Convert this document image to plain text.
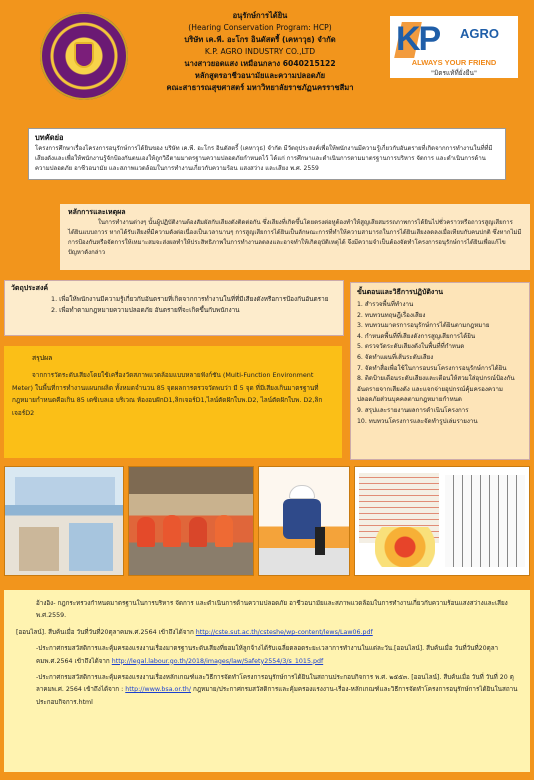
อนุรักษ์การได้ยิน
(Hearing Conservation Program: HCP)
บริษัท เค.พี. อะโกร อินดัสตรี้ (เคหาวุธ) จำกัด
K.P. AGRO INDUSTRY CO.,LTD
นางสาวยอดแสง เหมือนกลาง 6040215122
หลักสูตรอาชีวอนามัยและความปลอดภัย
คณะสาธารณสุขศาสตร์ มหาวิทยาลัยราชภัฏนครราชสีมา
KP AGRO
ALWAYS YOUR FRIEND
"มิตรแท้ที่ยั่งยืน"
บทคัดย่อ
โครงการศึกษาเรื่องโครงการอนุรักษ์การได้ยินของ บริษัท เค.พี. อะโกร อินดัสตรี้ (เคหาวุธ) จำกัด มีวัตถุประสงค์เพื่อให้พนักงานมีความรู้เกี่ยวกับอันตรายที่เกิดจากการทำงานในที่ที่มีเสียงดังและเพื่อให้พนักงานรู้จักป้องกันตนเองให้ถูกวิธีตามมาตรฐานความปลอดภัยกำหนดไว้ ได้แก่ การศึกษาและดำเนินการตามมาตรฐานการบริหาร จัดการ และดำเนินการด้านความปลอดภัย อาชีวอนามัย และสภาพแวดล้อมในการทำงานเกี่ยวกับความร้อน แสงสว่าง และเสียง พ.ศ. 2559
หลักการและเหตุผล
ในการทำงานต่างๆ นั้นผู้ปฏิบัติงานต้องสัมผัสกับเสียงดังติดต่อกัน ซึ่งเสียงที่เกิดขึ้นโดยตรงต่อหูต้องทำให้สูญเสียสมรรถภาพการได้ยินไปชั่วคราวหรือถาวรสูญเสียการได้ยินแบบถาวร หากได้รับเสียงที่มีความดังต่อเนื่องเป็นเวลานานๆ การสูญเสียการได้ยินเป็นลักษณะการที่ทำให้ความสามารถในการได้ยินเสียงลดลงเมื่อเทียบกับคนปกติ ซึ่งหากไม่มีการป้องกันหรือจัดการให้เหมาะสมจะส่งผลทำให้ประสิทธิภาพในการทำงานลดลงและอาจทำให้เกิดอุบัติเหตุได้ จึงมีความจำเป็นต้องจัดทำโครงการอนุรักษ์การได้ยินเพื่อแก้ไขปัญหาดังกล่าว
วัตถุประสงค์
1. เพื่อให้พนักงานมีความรู้เกี่ยวกับอันตรายที่เกิดจากการทำงานในที่ที่มีเสียงดังหรือการป้องกันอันตราย
2. เพื่อทำตามกฎหมายความปลอดภัย อันตรายที่จะเกิดขึ้นกับพนักงาน
ขั้นตอนและวิธีการปฏิบัติงาน
1. สำรวจพื้นที่ทำงาน
2. ทบทวนทฤษฎีเรื่องเสียง
3. ทบทวนมาตรการอนุรักษ์การได้ยินตามกฎหมาย
4. กำหนดพื้นที่ที่เสียงดังการสูญเสียการได้ยิน
5. ตรวจวัดระดับเสียงดังในพื้นที่ที่กำหนด
6. จัดทำแผนที่เส้นระดับเสียง
7. จัดทำสื่อเพื่อใช้ในการอบรมโครงการอนุรักษ์การได้ยิน
8. ติดป้ายเตือนระดับเสียงและเตือนให้สวมใส่อุปกรณ์ป้องกันอันตรายจากเสียงดัง และแจกจ่ายอุปกรณ์คุ้มครองความปลอดภัยส่วนบุคคลตามกฎหมายกำหนด
9. สรุปและรายงานผลการดำเนินโครงการ
10. ทบทวนโครงการและจัดทำรูปเล่มรายงาน
สรุปผล
จากการวัดระดับเสียงโดยใช้เครื่องวัดสภาพแวดล้อมแบบหลายฟังก์ชัน (Multi-Function Environment Meter) ในพื้นที่การทำงานแผนกผลิต ทั้งหมดจำนวน 85 จุดผลการตรวจวัดพบว่า มี 5 จุด ที่มีเสียงเกินมาตรฐานที่กฎหมายกำหนดคือเกิน 85 เดซิเบลเอ บริเวณ ห้องอบฝักD1,ลิกเจอร์D1,ไลน์ตัดฝักใบพ.D2, ไลน์ตัดฝักใบพ. D2,ลิกเจอร์D2
อ้างอิง- กฎกระทรวงกำหนดมาตรฐานในการบริหาร จัดการ และดำเนินการด้านความปลอดภัย อาชีวอนามัยและสภาพแวดล้อมในการทำงานเกี่ยวกับความร้อนแสงสว่างและเสียง พ.ศ.2559.
[ออนไลน์]. สืบค้นเมื่อ วันที่วันที่20ตุลาคมพ.ศ.2564 เข้าถึงได้จาก http://cste.sut.ac.th/csteshe/wp-content/lews/Law06.pdf
-ประกาศกรมสวัสดิการและคุ้มครองแรงงานเรื่องมาตรฐานระดับเสียงที่ยอมให้ลูกจ้างได้รับเฉลี่ยตลอดระยะเวลาการทำงานในแต่ละวัน.[ออนไลน์]. สืบค้นเมื่อ วันที่วันที่20ตุลาคมพ.ศ.2564 เข้าถึงได้จาก http://legal.labour.go.th/2018/images/law/Safety2554/3/s_1015.pdf
-ประกาศกรมสวัสดิการและคุ้มครองแรงงานเรื่องหลักเกณฑ์และวิธีการจัดทำโครงการอนุรักษ์การได้ยินในสถานประกอบกิจการ พ.ศ. ๒๕๕๓. [ออนไลน์]. สืบค้นเมื่อ วันที่ วันที่ 20 ตุลาคมพ.ศ. 2564 เข้าถึงได้จาก : http://www.bsa.or.th/ กฎหมาย/ประกาศกรมสวัสดิการและคุ้มครองแรงงาน-เรื่อง-หลักเกณฑ์และวิธีการจัดทำโครงการอนุรักษ์การได้ยินในสถานประกอบกิจการ.html
